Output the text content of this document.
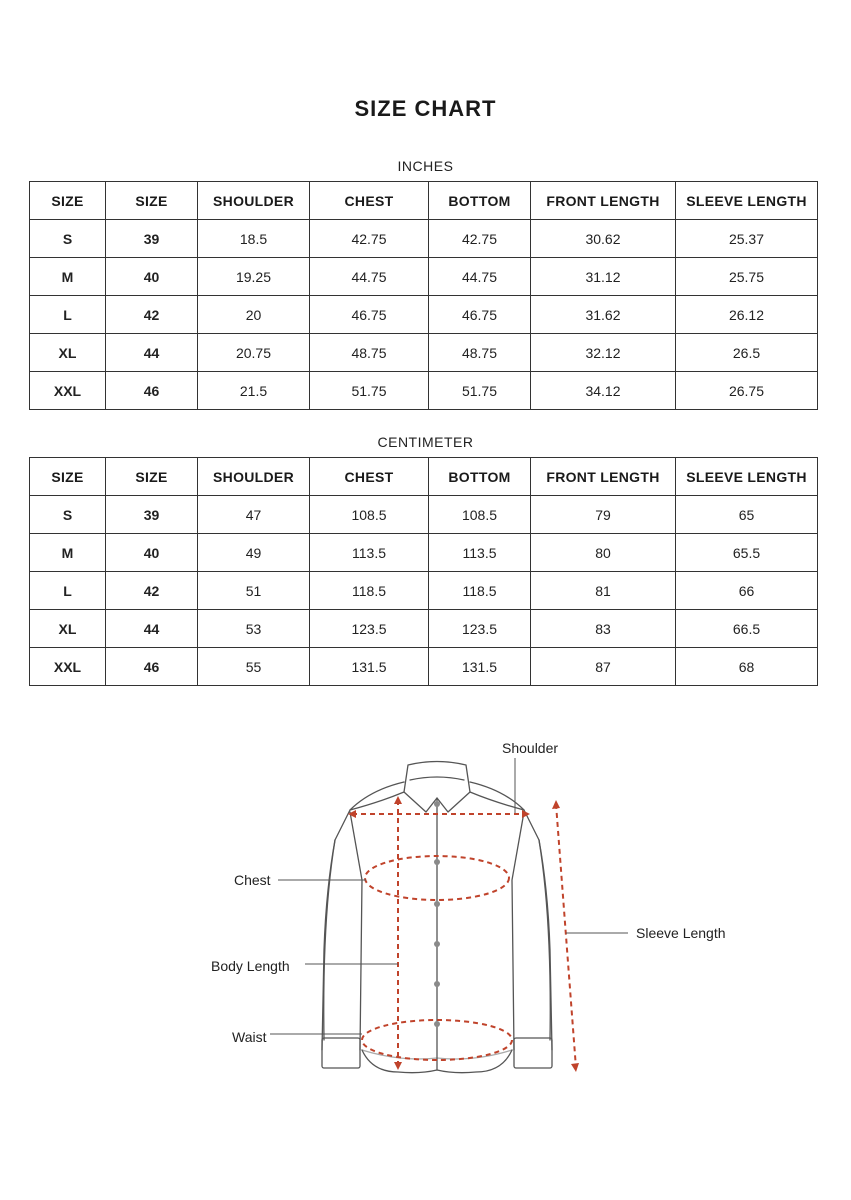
SIZE CHART
INCHES
SIZE	SIZE	SHOULDER	CHEST	BOTTOM	FRONT LENGTH	SLEEVE LENGTH
S	39	18.5	42.75	42.75	30.62	25.37
M	40	19.25	44.75	44.75	31.12	25.75
L	42	20	46.75	46.75	31.62	26.12
XL	44	20.75	48.75	48.75	32.12	26.5
XXL	46	21.5	51.75	51.75	34.12	26.75
CENTIMETER
SIZE	SIZE	SHOULDER	CHEST	BOTTOM	FRONT LENGTH	SLEEVE LENGTH
S	39	47	108.5	108.5	79	65
M	40	49	113.5	113.5	80	65.5
L	42	51	118.5	118.5	81	66
XL	44	53	123.5	123.5	83	66.5
XXL	46	55	131.5	131.5	87	68
Shoulder
Chest
Body Length
Waist
Sleeve Length
